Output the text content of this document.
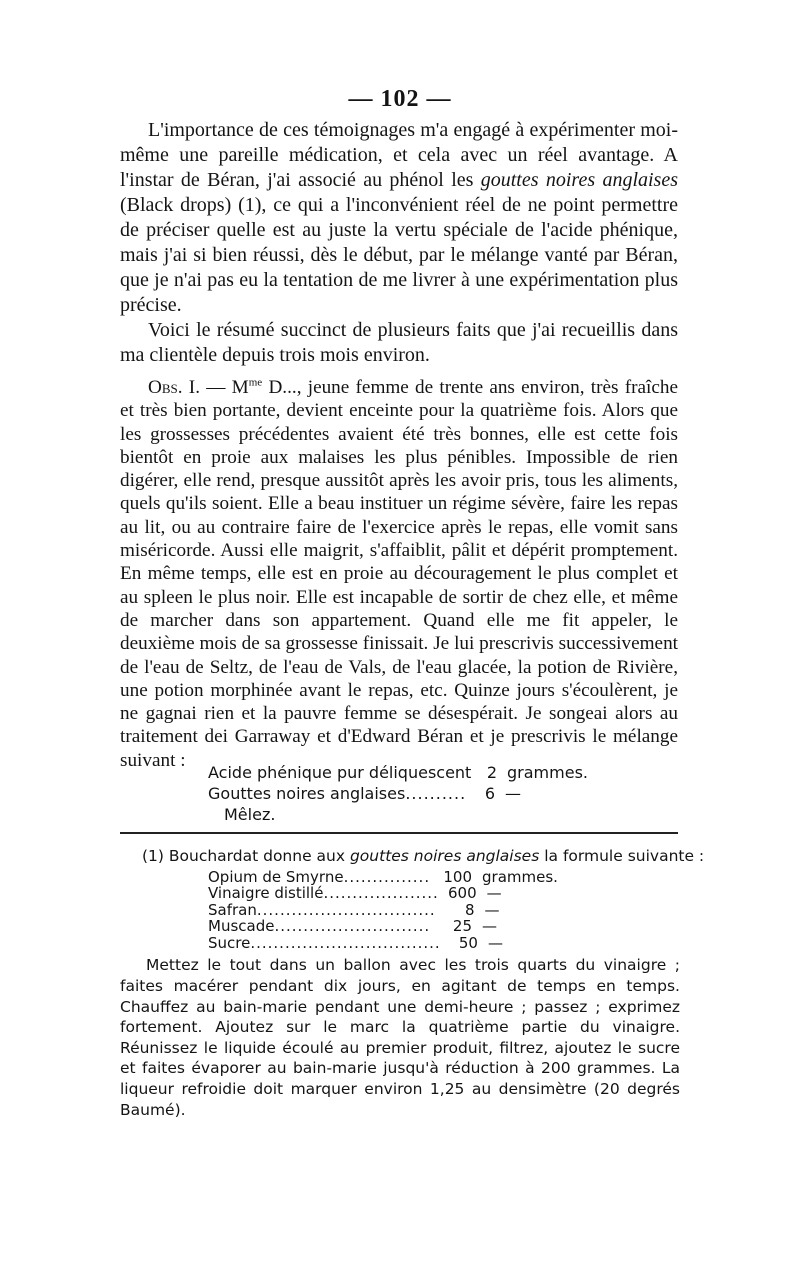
— 102 —

L'importance de ces témoignages m'a engagé à expérimenter moi-même une pareille médication, et cela avec un réel avantage. A l'instar de Béran, j'ai associé au phénol les gouttes noires anglaises (Black drops) (1), ce qui a l'inconvénient réel de ne point permettre de préciser quelle est au juste la vertu spéciale de l'acide phénique, mais j'ai si bien réussi, dès le début, par le mélange vanté par Béran, que je n'ai pas eu la tentation de me livrer à une expérimentation plus précise.

Voici le résumé succinct de plusieurs faits que j'ai recueillis dans ma clientèle depuis trois mois environ.

Obs. I. — $M^{me}$ D..., jeune femme de trente ans environ, très fraîche et très bien portante, devient enceinte pour la quatrième fois. Alors que les grossesses précédentes avaient été très bonnes, elle est cette fois bientôt en proie aux malaises les plus pénibles. Impossible de rien digérer, elle rend, presque aussitôt après les avoir pris, tous les aliments, quels qu'ils soient. Elle a beau instituer un régime sévère, faire les repas au lit, ou au contraire faire de l'exercice après le repas, elle vomit sans miséricorde. Aussi elle maigrit, s'affaiblit, pâlit et dépérit promptement. En même temps, elle est en proie au découragement le plus complet et au spleen le plus noir. Elle est incapable de sortir de chez elle, et même de marcher dans son appartement. Quand elle me fit appeler, le deuxième mois de sa grossesse finissait. Je lui prescrivis successivement de l'eau de Seltz, de l'eau de Vals, de l'eau glacée, la potion de Rivière, une potion morphinée avant le repas, etc. Quinze jours s'écoulèrent, je ne gagnai rien et la pauvre femme se désespérait. Je songeai alors au traitement dei Garraway et d'Edward Béran et je prescrivis le mélange suivant :

Acide phénique pur déliquescent 2 grammes.
Gouttes noires anglaises ..........	6 —
Mêlez.

(1) Bouchardat donne aux gouttes noires anglaises la formule suivante :

Opium de Smyrne ............... 100 grammes.
Vinaigre distillé .................... 600 —
Safran ...............................	8 —
Muscade ...........................	25 —
Sucre .................................	50 —

Mettez le tout dans un ballon avec les trois quarts du vinaigre ; faites macérer pendant dix jours, en agitant de temps en temps. Chauffez au bain-marie pendant une demi-heure ; passez ; exprimez fortement. Ajoutez sur le marc la quatrième partie du vinaigre. Réunissez le liquide écoulé au premier produit, filtrez, ajoutez le sucre et faites évaporer au bain-marie jusqu'à réduction à 200 grammes. La liqueur refroidie doit marquer environ 1,25 au densimètre (20 degrés Baumé).
